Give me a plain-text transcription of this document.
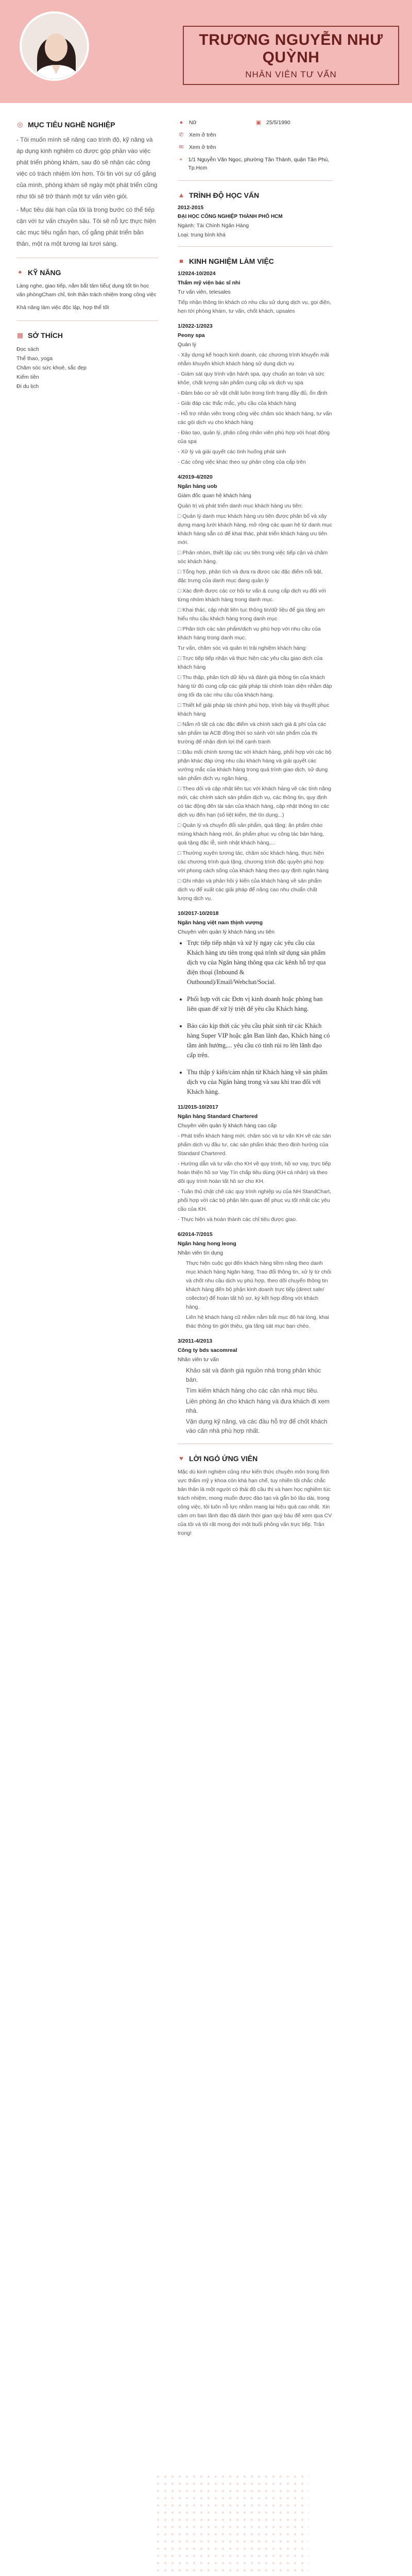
TRƯƠNG NGUYỄN NHƯ QUỲNH
NHÂN VIÊN TƯ VẤN
◎ MỤC TIÊU NGHỀ NGHIỆP

- Tôi muốn mình sẽ năng cao trình độ, kỹ năng và áp dụng kinh nghiệm có được góp phần vào việc phát triển phòng khám, sau đó sẽ nhận các công việc có trách nhiệm lớn hơn. Tôi tin với sự cố gắng của mình, phòng khám sẽ ngày một phát triển cũng như tôi sẽ trở thành một tư vấn viên giỏi.

- Mục tiêu dài hạn của tôi là trong bước có thể tiếp cận với tư vấn chuyên sâu. Tôi sẽ nỗ lực thực hiện các mục tiêu ngắn hạn, cố gắng phát triển bản thân, một ra một tương lai tươi sáng.

✦ KỸ NĂNG

Làng nghe, giao tiếp, nắm bắt tâm tiểu( dụng tốt tin học văn phòngCham chỉ, tinh thần trách nhiệm trong công việc

Khả năng làm việc độc lập, hợp thể tốt

▦ SỞ THÍCH
Đọc sách
Thể thao, yoga
Chăm sóc sức khoẻ, sắc đẹp
Kiếm tiền
Đi du lịch
●	Nữ	▣ 25/5/1990
✆ Xem ở trên
✉ Xem ở trên
⌖	1/1 Nguyễn Văn Ngọc, phường Tân Thành, quận Tân Phú, Tp.Hcm
▲ TRÌNH ĐỘ HỌC VẤN
2012-2015
ĐẠI HỌC CÔNG NGHIỆP THÀNH PHỐ HCM
Ngành: Tài Chính Ngân Hàng
Loại: trung bình khá
■ KINH NGHIỆM LÀM VIỆC
1/2024-10/2024
Thẩm mỹ viện bác sĩ nhi
Tư vấn viên, telesales

Tiếp nhận thông tin khách có nhu cầu sử dụng dịch vụ, gọi điện, hẹn tới phòng khám, tư vấn, chốt khách, upsales

1/2022-1/2023
Peony spa
Quản lý

- Xây dựng kế hoạch kinh doanh, các chương trình khuyến mãi nhằm khuyến khích khách hàng sử dụng dịch vụ

- Giám sát quy trình vận hành spa, quy chuẩn an toàn và sức khỏe, chất lượng sản phẩm cung cấp và dịch vụ spa

- Đảm bảo cơ sở vật chất luôn trong tình trạng đầy đủ, ổn định

- Giải đáp các thắc mắc, yêu cầu của khách hàng

- Hỗ trợ nhân viên trong công việc chăm sóc khách hàng, tư vấn các gói dịch vụ cho khách hàng

- Đào tạo, quản lý, phân công nhân viên phù hợp với hoạt động của spa

- Xử lý và giải quyết các tình huống phát sinh

- Các công việc khác theo sự phân công của cấp trên

4/2019-4/2020
Ngân hàng uob
Giám đốc quan hệ khách hàng

Quản trị và phát triển danh mục khách hàng ưu tiên:

□ Quản lý danh mục khách hàng ưu tiên được phân bổ và xây dựng mạng lưới khách hàng, mở rộng các quan hệ từ danh mục khách hàng sẵn có để khai thác, phát triển khách hàng ưu tiên mới.

□ Phân nhóm, thiết lập các ưu tiên trong việc tiếp cận và chăm sóc khách hàng.

□ Tổng hợp, phân tích và đưa ra được các đặc điểm nổi bật, đặc trưng của danh mục đang quản lý

□ Xác định được các cơ hội tư vấn & cung cấp dịch vụ đối với từng nhóm khách hàng trong danh mục.

□ Khai thác, cập nhật liên tục thông tin/dữ liệu để gia tăng am hiểu nhu cầu khách hàng trong danh mục

□ Phân tích các sản phẩm/dịch vụ phù hợp với nhu cầu của khách hàng trong danh mục.

Tư vấn, chăm sóc và quản trị trải nghiệm khách hàng:

□ Trực tiếp tiếp nhận và thực hiện các yêu cầu giao dịch của khách hàng

□ Thu thập, phân tích dữ liệu và đánh giá thông tin của khách hàng từ đó cung cấp các giải pháp tài chính toàn diện nhằm đáp ứng tối đa các nhu cầu của khách hàng.

□ Thiết kế giải pháp tài chính phù hợp, trình bày và thuyết phục khách hàng

□ Nắm rõ tất cả các đặc điểm và chính sách giá & phí của các sản phẩm tại ACB đồng thời so sánh với sản phẩm của thị trường để nhận định lợi thế cạnh tranh

□ Đầu mối chính tương tác với khách hàng, phối hợp với các bộ phận khác đáp ứng nhu cầu khách hàng và giải quyết các vướng mắc của khách hàng trong quá trình giao dịch, sử dụng sản phẩm dịch vụ ngân hàng.

□ Theo dõi và cập nhật liên tục với khách hàng về các tính năng mới, các chính sách sản phẩm dịch vụ, các thông tin, quy định có tác động đến tài sản của khách hàng, cập nhật thông tin các dịch vụ đến hạn (số liệt kiểm, thẻ tín dụng...)

□ Quản lý và chuyển đổi sản phẩm, quá tặng: ân phẩm chào mừng khách hàng mới, ấn phẩm phục vụ công tác bán hàng, quà tặng đặc lễ, sinh nhật khách hàng,...

□ Thường xuyên tương tác, chăm sóc khách hàng, thực hiện các chương trình quà tặng, chương trình đặc quyền phù hợp với phong cách sống của khách hàng theo quy định ngân hàng

□ Ghi nhận và phản hồi ý kiến của khách hàng về sản phẩm dịch vụ để xuất các giải pháp để nâng cao nhu chuẩn chất lượng dịch vụ.

10/2017-10/2018
Ngân hàng việt nam thịnh vượng
Chuyên viên quản lý khách hàng ưu tiên
• Trực tiếp tiếp nhận và xử lý ngay các yêu cầu của Khách hàng ưu tiên trong quá trình sử dụng sản phẩm dịch vụ của Ngân hàng thông qua các kênh hỗ trợ qua điện thoại (Inbound & Outbound)/Email/Webchat/Social.
• Phối hợp với các Đơn vị kinh doanh hoặc phòng ban liên quan để xử lý triệt để yêu cầu Khách hàng.
• Báo cáo kịp thời các yêu cầu phát sinh từ các Khách hàng Super VIP hoặc gắn Ban lãnh đạo, Khách hàng có tầm ảnh hưởng,... yêu cầu có tính rủi ro lên lãnh đạo cấp trên.
• Thu thập ý kiến/cảm nhận từ Khách hàng về sản phẩm dịch vụ của Ngân hàng trong và sau khi trao đổi với Khách hàng.
11/2015-10/2017
Ngân hàng Standard Chartered
Chuyên viên quản lý khách hàng cao cấp

- Phát triển khách hàng mới, chăm sóc và tư vấn KH về các sản phẩm dịch vụ đầu tư, các sản phẩm khác theo định hướng của Standard Chartered.

- Hướng dẫn và tư vấn cho KH về quy trình, hồ sơ vay, trực tiếp hoàn thiện hồ sơ Vay Tín chấp tiêu dùng (KH cá nhân) và theo dõi quy trình hoàn tất hồ sơ cho KH.

- Tuân thủ chặt chẽ các quy trình nghiệp vụ của NH StandChart, phối hợp với các bộ phận liên quan để phục vụ tốt nhất các yêu cầu của KH.

- Thực hiện và hoàn thành các chỉ tiêu được giao.

6/2014-7/2015
Ngân hàng hong leong
Nhân viên tín dụng

Thực hiện cuộc gọi đến khách hàng tiềm năng theo danh mục khách hàng Ngân hàng. Trao đổi thông tin, xử lý từ chối và chốt nhu cầu dịch vụ phù hợp, theo dõi chuyển thông tin khách hàng đến bộ phận kinh doanh trực tiếp (direct sale/ collector) để hoàn tất hồ sơ, ký kết hợp đồng với khách hàng.

Liên hệ khách hàng cũ nhằm nắm bắt mục đô hài lòng, khai thác thông tin giới thiệu, gia tăng sát mục bạn chéo.

3/2011-4/2013
Công ty bds sacomreal
Nhân viên tư vấn

Khảo sát và đánh giá nguồn nhà trong phân khúc bán.

Tìm kiếm khách hàng cho các căn nhà mục tiêu.

Liên phòng ăn cho khách hàng và đưa khách đi xem nhà.

Vận dụng kỹ năng, và các đầu hỗ trợ để chốt khách vào căn nhà phù hợp nhất.

♥ LỜI NGỎ ỨNG VIÊN

Mặc dù kinh nghiệm cũng như kiến thức chuyên môn trong lĩnh vực thẩm mỹ y khoa còn khá hạn chế, tuy nhiên tôi chắc chắc bản thân là một người có thái độ cầu thị và ham học nghiêm túc trách nhiệm, mong muốn được đào tạo và gắn bó lâu dài, trong công việc, tôi luôn nỗ lực nhằm mang lại hiệu quả cao nhất. Xin cảm ơn ban lãnh đạo đã dành thời gian quý báu để xem qua CV của tôi và tôi rất mong đợi một buổi phỏng vấn trực tiếp. Trân trọng!
